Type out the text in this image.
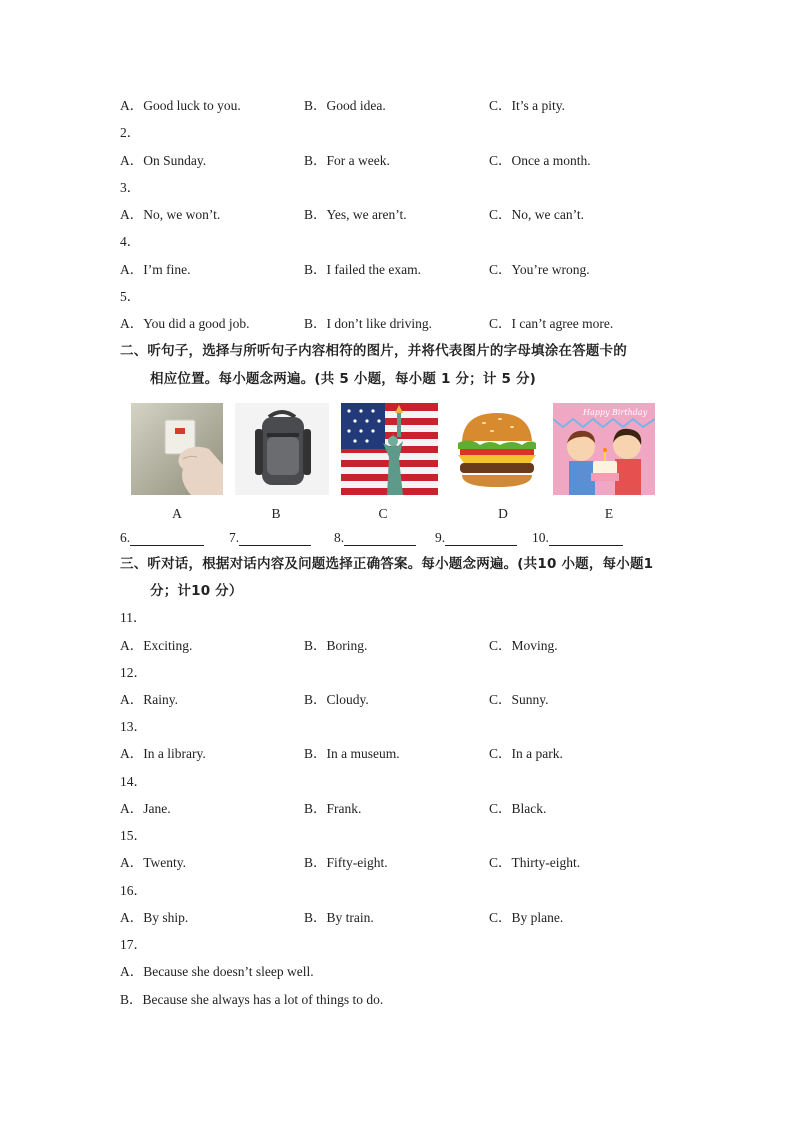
A．Good luck to you.	B．Good idea.	C．It’s a pity.
2．
A．On Sunday.	B．For a week.	C．Once a month.
3．
A．No, we won’t.	B．Yes, we aren’t.	C．No, we can’t.
4．
A．I’m fine.	B．I failed the exam.	C．You’re wrong.
5．
A．You did a good job.	B．I don’t like driving.	C．I can’t agree more.
二、听句子，选择与所听句子内容相符的图片，并将代表图片的字母填涂在答题卡的
相应位置。每小题念两遍。(共 5 小题，每小题 1 分；计 5 分)
Happy Birthday
A	B	C	D	E
6.	7.	8.	9.	10.
三、听对话，根据对话内容及问题选择正确答案。每小题念两遍。(共10 小题，每小题1
分；计10 分）
11．
A．Exciting.	B．Boring.	C．Moving.
12．
A．Rainy.	B．Cloudy.	C．Sunny.
13．
A．In a library.	B．In a museum.	C．In a park.
14．
A．Jane.	B．Frank.	C．Black.
15．
A．Twenty.	B．Fifty-eight.	C．Thirty-eight.
16．
A．By ship.	B．By train.	C．By plane.
17．
A．Because she doesn’t sleep well.
B．Because she always has a lot of things to do.
